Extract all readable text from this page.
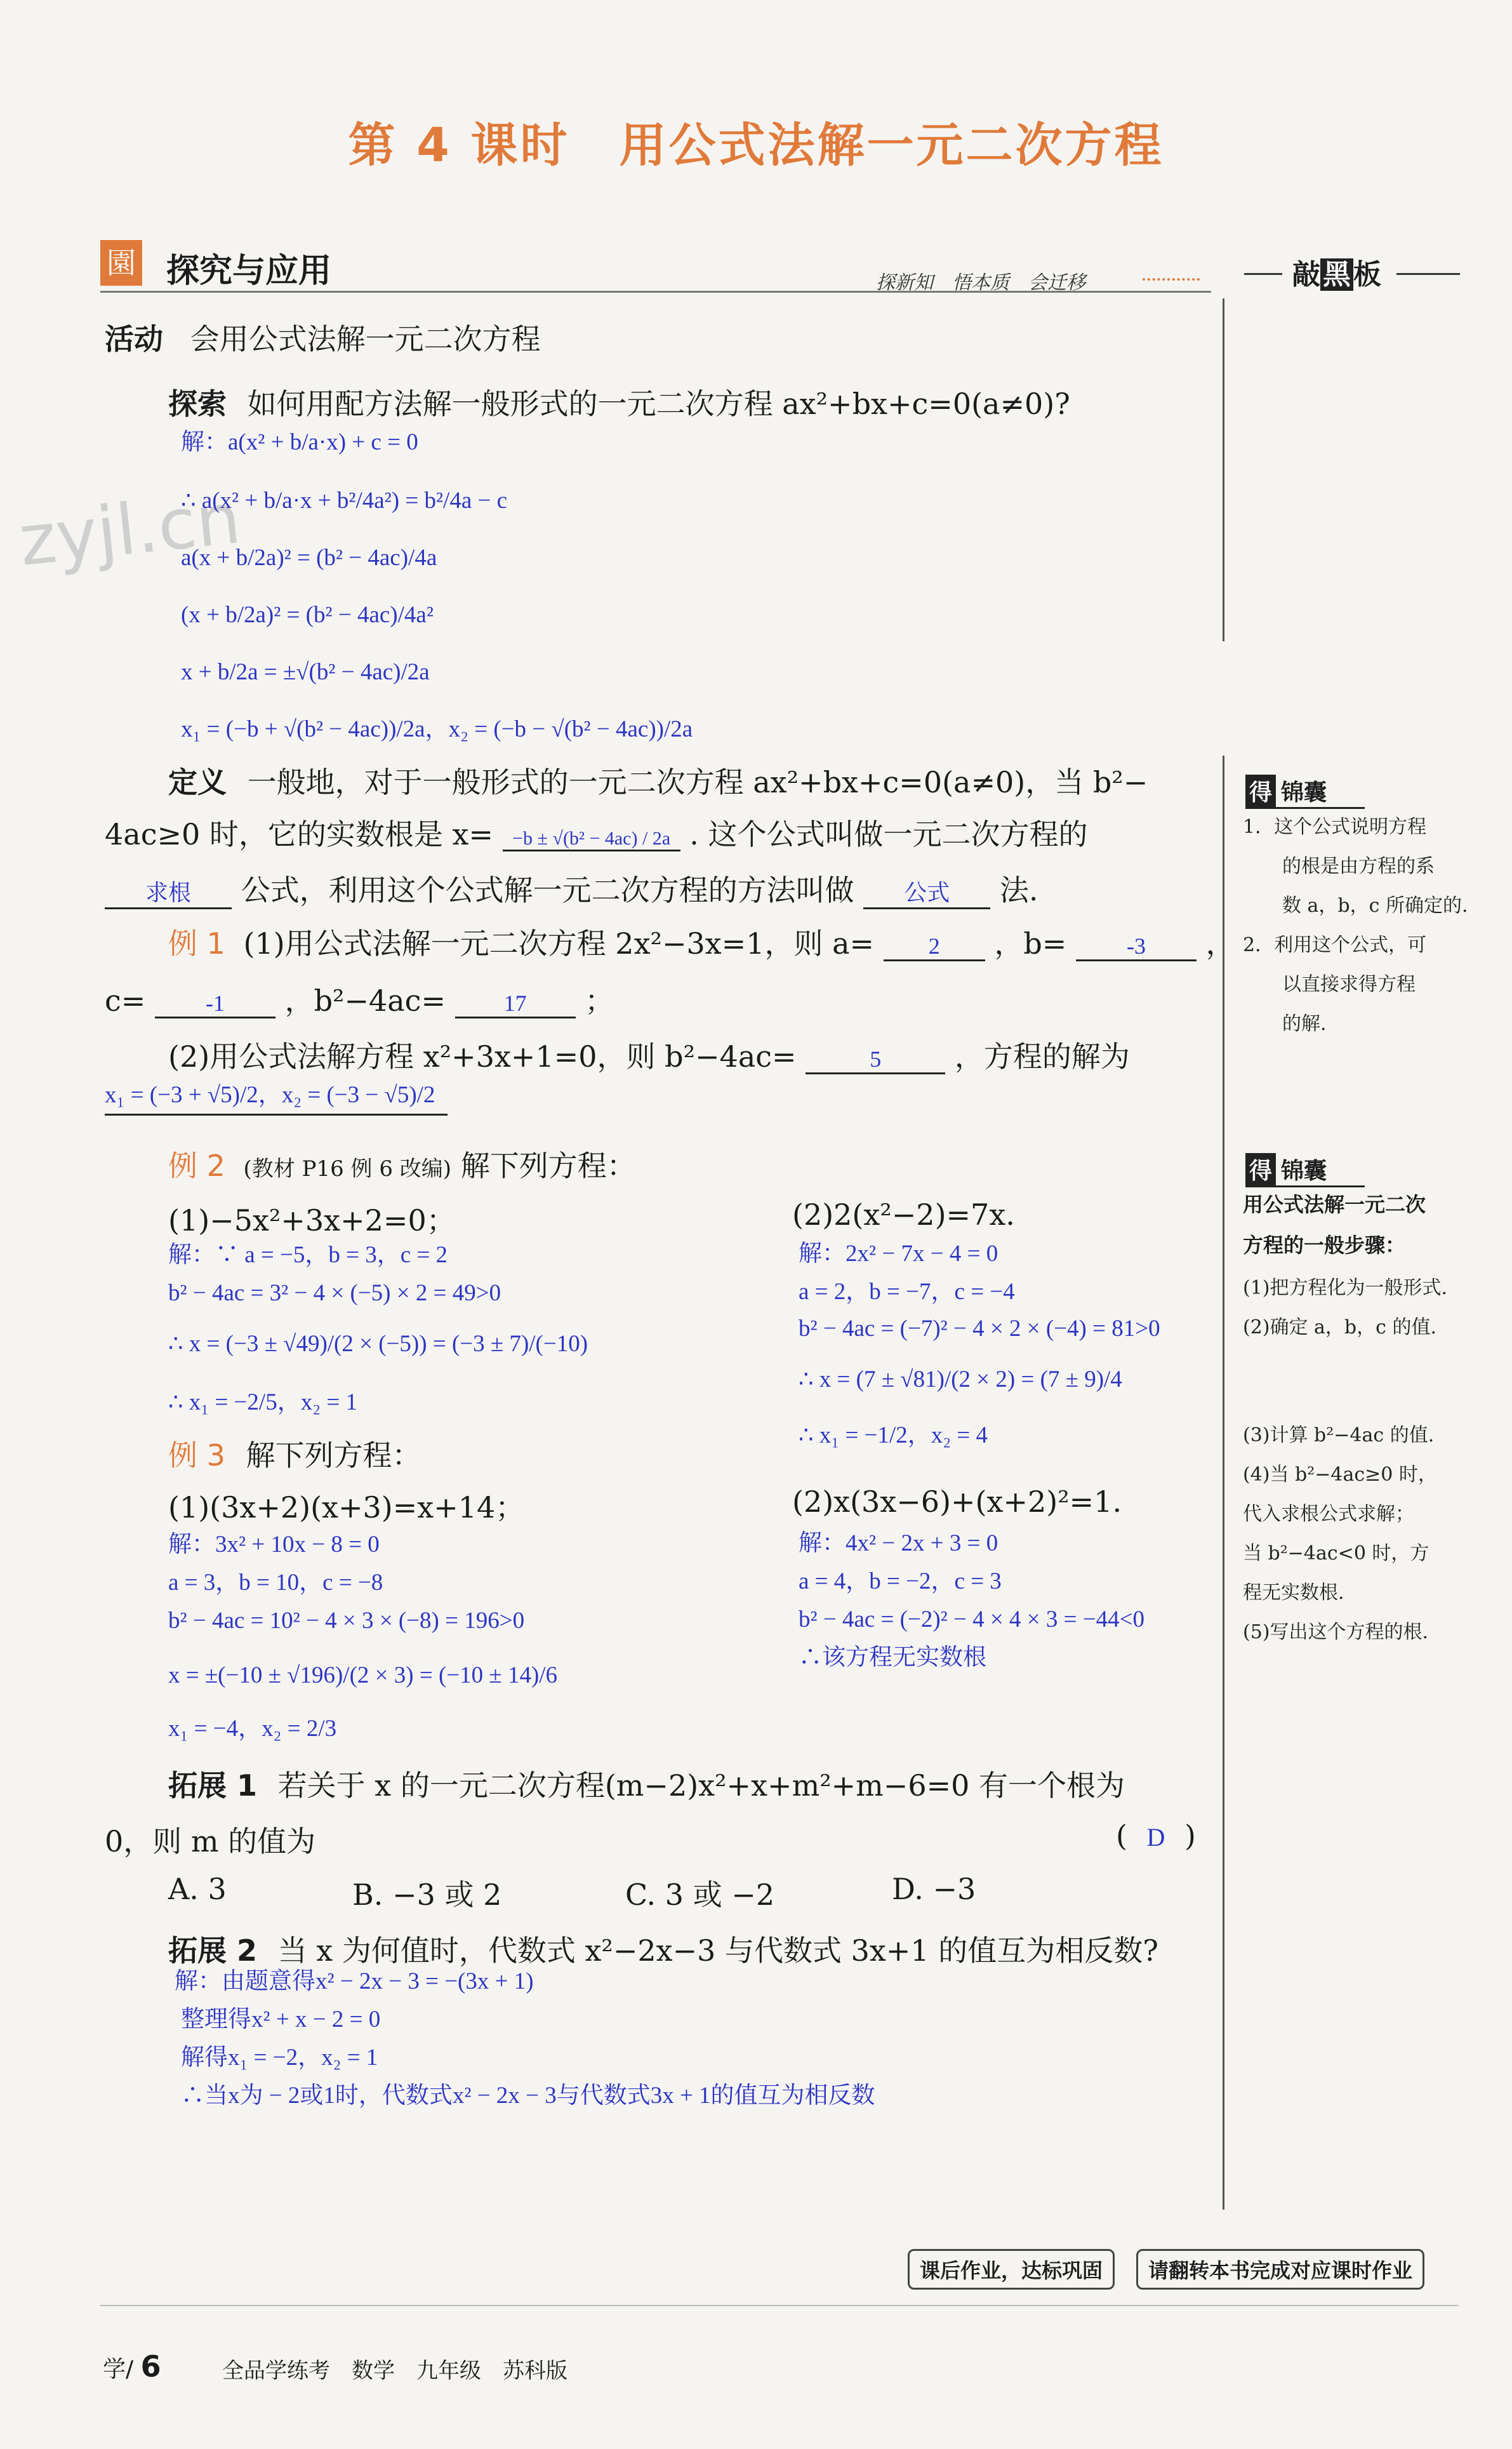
第 4 课时　用公式法解一元二次方程
園 探究与应用	探新知　悟本质　会迁移	敲黑板
zyjl.cn
活动 会用公式法解一元二次方程
探索 如何用配方法解一般形式的一元二次方程 ax²+bx+c=0(a≠0)?
解：a(x² + b/a·x) + c = 0
∴ a(x² + b/a·x + b²/4a²) = b²/4a − c
a(x + b/2a)² = (b² − 4ac)/4a
(x + b/2a)² = (b² − 4ac)/4a²
x + b/2a = ±√(b² − 4ac)/2a
x₁ = (−b + √(b² − 4ac))/2a，x₂ = (−b − √(b² − 4ac))/2a
定义 一般地，对于一般形式的一元二次方程 ax²+bx+c=0(a≠0)，当 b²−
4ac≥0 时，它的实数根是 x= −b ± √(b² − 4ac) / 2a . 这个公式叫做一元二次方程的
求根 公式，利用这个公式解一元二次方程的方法叫做 公式 法.
例 1 (1)用公式法解一元二次方程 2x²−3x=1，则 a= 2 ，b=	-3 ，
c=	-1 ，b²−4ac=	17 ；
(2)用公式法解方程 x²+3x+1=0，则 b²−4ac=	5	，方程的解为
x₁ = (−3 + √5)/2，x₂ = (−3 − √5)/2
例 2 (教材 P16 例 6 改编) 解下列方程：
(1)−5x²+3x+2=0；
解：∵ a = −5，b = 3，c = 2
b² − 4ac = 3² − 4 × (−5) × 2 = 49>0
∴ x = (−3 ± √49)/(2 × (−5)) = (−3 ± 7)/(−10)
∴ x₁ = −2/5，x₂ = 1
(2)2(x²−2)=7x.
解：2x² − 7x − 4 = 0
a = 2，b = −7，c = −4
b² − 4ac = (−7)² − 4 × 2 × (−4) = 81>0
∴ x = (7 ± √81)/(2 × 2) = (7 ± 9)/4
∴ x₁ = −1/2，x₂ = 4
例 3 解下列方程：
(1)(3x+2)(x+3)=x+14；
解：3x² + 10x − 8 = 0
a = 3，b = 10，c = −8
b² − 4ac = 10² − 4 × 3 × (−8) = 196>0
x = ±(−10 ± √196)/(2 × 3) = (−10 ± 14)/6
x₁ = −4，x₂ = 2/3
(2)x(3x−6)+(x+2)²=1.
解：4x² − 2x + 3 = 0
a = 4，b = −2，c = 3
b² − 4ac = (−2)² − 4 × 4 × 3 = −44<0
∴该方程无实数根
拓展 1 若关于 x 的一元二次方程(m−2)x²+x+m²+m−6=0 有一个根为
0，则 m 的值为	( D )
A. 3	B. −3 或 2	C. 3 或 −2	D. −3
拓展 2 当 x 为何值时，代数式 x²−2x−3 与代数式 3x+1 的值互为相反数?
解：由题意得x² − 2x − 3 = −(3x + 1)
整理得x² + x − 2 = 0
解得x₁ = −2，x₂ = 1
∴当x为 − 2或1时，代数式x² − 2x − 3与代数式3x + 1的值互为相反数
得 锦囊
1．这个公式说明方程
的根是由方程的系
数 a，b，c 所确定的.
2．利用这个公式，可
以直接求得方程
的解.
得 锦囊
用公式法解一元二次
方程的一般步骤：
(1)把方程化为一般形式.
(2)确定 a，b，c 的值.
(3)计算 b²−4ac 的值.
(4)当 b²−4ac≥0 时，
代入求根公式求解；
当 b²−4ac<0 时，方
程无实数根.
(5)写出这个方程的根.
课后作业，达标巩固	请翻转本书完成对应课时作业
学/ 6	全品学练考　数学　九年级　苏科版
